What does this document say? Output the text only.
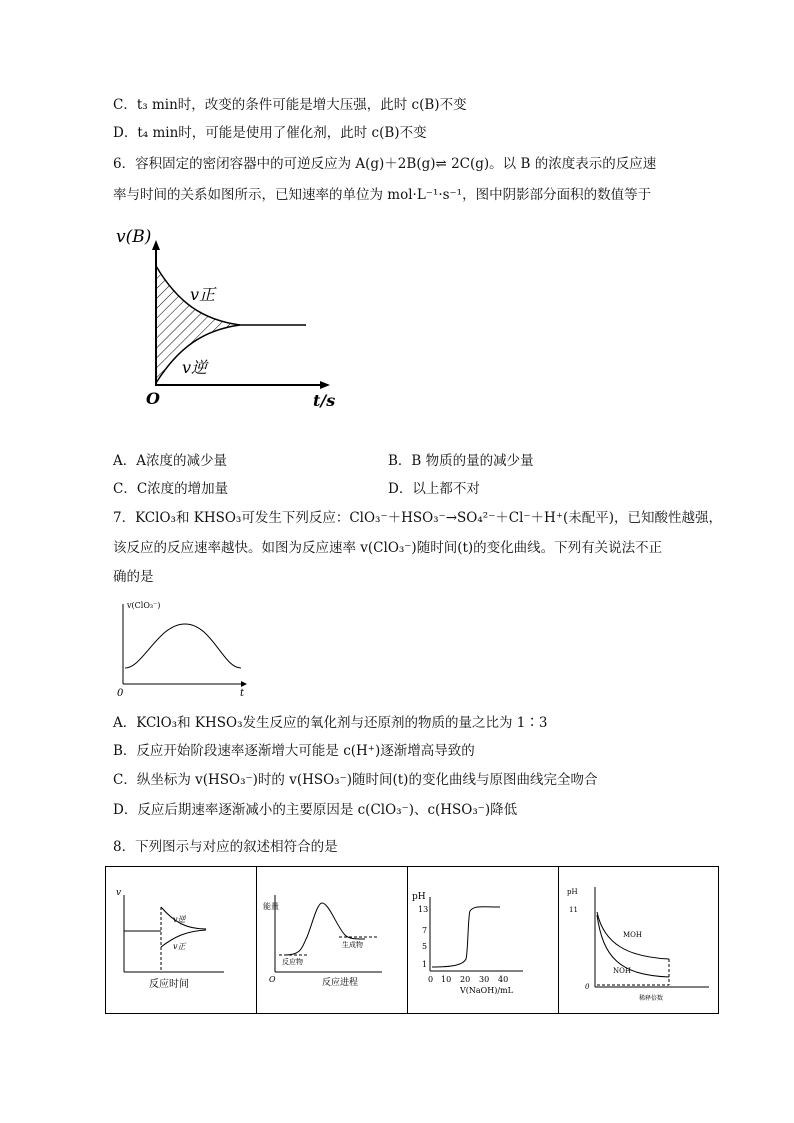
C．t₃ min时，改变的条件可能是增大压强，此时 c(B)不变
D．t₄ min时，可能是使用了催化剂，此时 c(B)不变
6．容积固定的密闭容器中的可逆反应为 A(g)＋2B(g)⇌ 2C(g)。以 B 的浓度表示的反应速
率与时间的关系如图所示，已知速率的单位为 mol·L⁻¹·s⁻¹，图中阴影部分面积的数值等于
v(B)
O	t/s
v正
v逆
A．A浓度的减少量	B．B 物质的量的减少量
C．C浓度的增加量	D．以上都不对
7．KClO₃和 KHSO₃可发生下列反应：ClO₃⁻＋HSO₃⁻→SO₄²⁻＋Cl⁻＋H⁺(未配平)，已知酸性越强，
该反应的反应速率越快。如图为反应速率 v(ClO₃⁻)随时间(t)的变化曲线。下列有关说法不正
确的是
v(ClO₃⁻)
0	t
A．KClO₃和 KHSO₃发生反应的氧化剂与还原剂的物质的量之比为 1∶3
B．反应开始阶段速率逐渐增大可能是 c(H⁺)逐渐增高导致的
C．纵坐标为 v(HSO₃⁻)时的 v(HSO₃⁻)随时间(t)的变化曲线与原图曲线完全吻合
D．反应后期速率逐渐减小的主要原因是 c(ClO₃⁻)、c(HSO₃⁻)降低
8．下列图示与对应的叙述相符合的是
v
v逆
v正
反应时间
能量
O
反应物
生成物
反应进程
pH
13
7
5
1
0 10 20 30 40
V(NaOH)/mL
pH
11
0
MOH
NOH
稀释倍数
